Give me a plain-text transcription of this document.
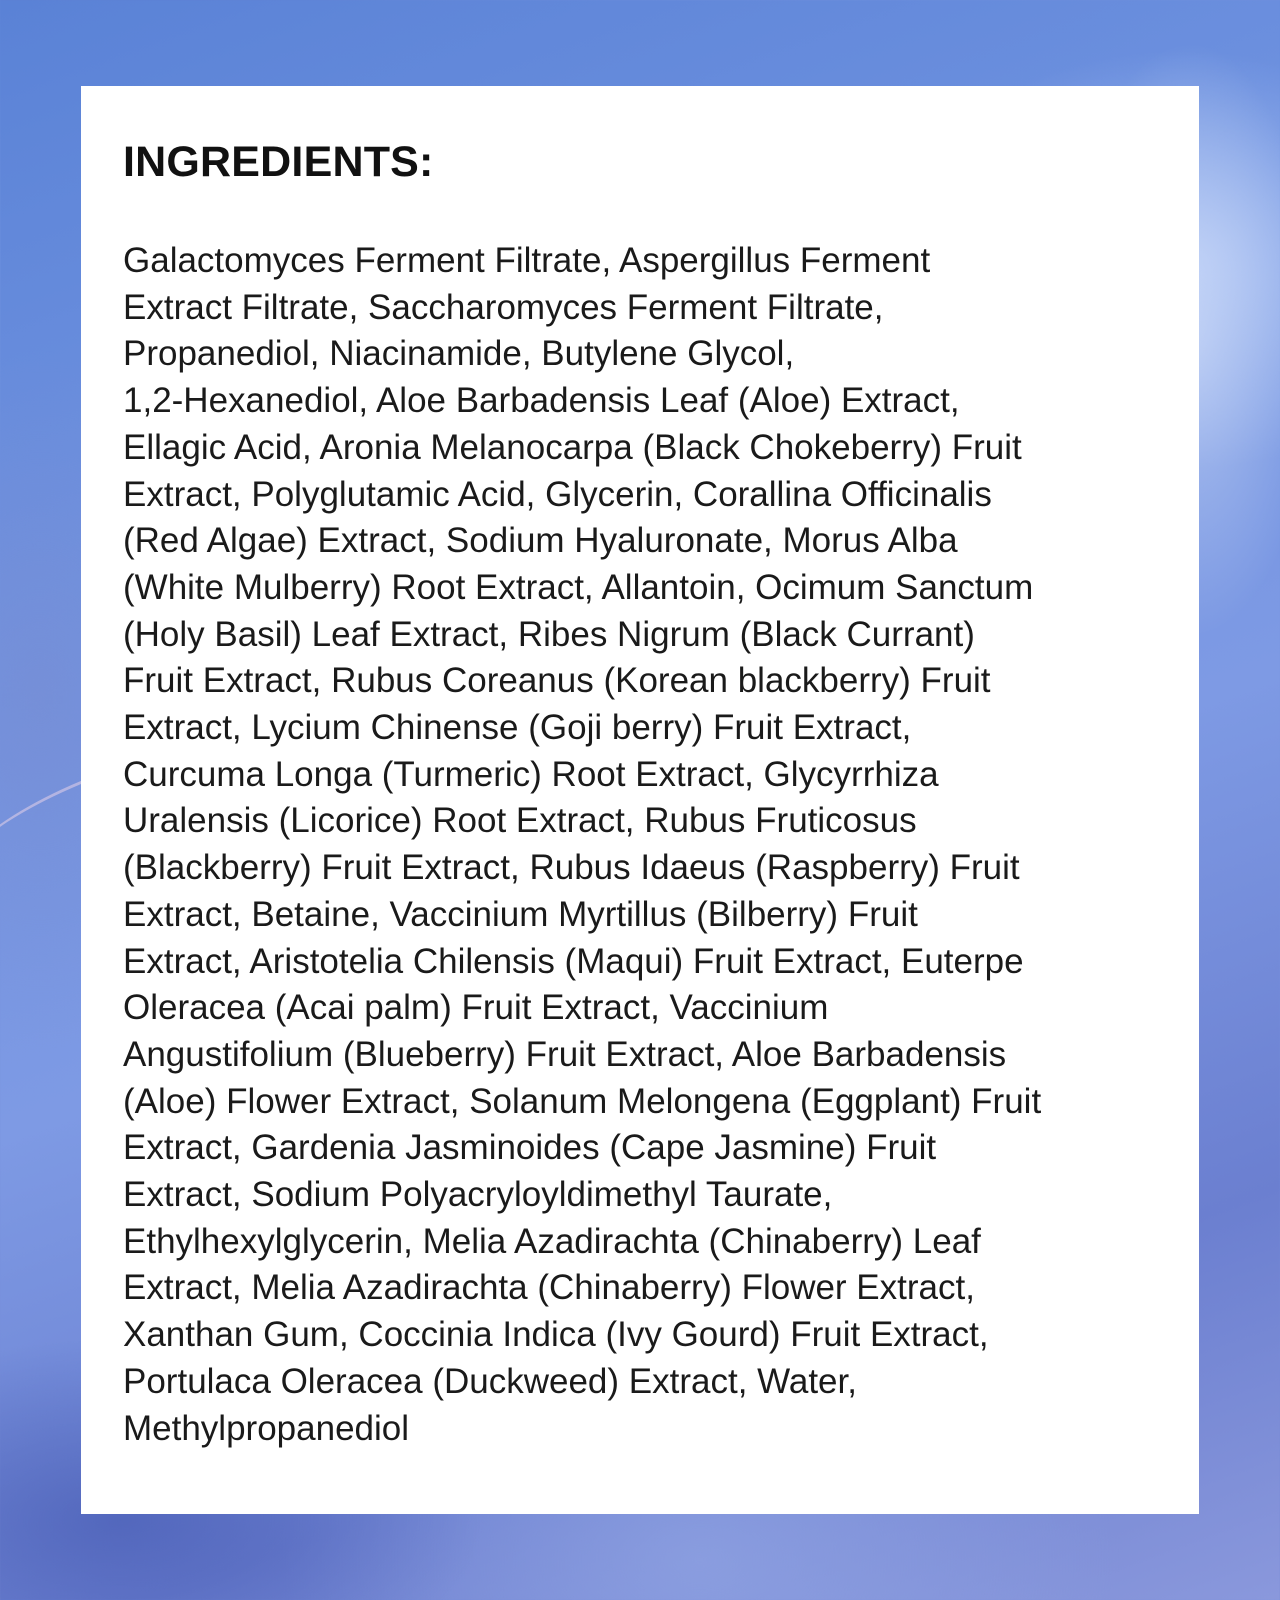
INGREDIENTS:
Galactomyces Ferment Filtrate, Aspergillus Ferment
Extract Filtrate, Saccharomyces Ferment Filtrate,
Propanediol, Niacinamide, Butylene Glycol,
1,2-Hexanediol, Aloe Barbadensis Leaf (Aloe) Extract,
Ellagic Acid, Aronia Melanocarpa (Black Chokeberry) Fruit
Extract, Polyglutamic Acid, Glycerin, Corallina Officinalis
(Red Algae) Extract, Sodium Hyaluronate, Morus Alba
(White Mulberry) Root Extract, Allantoin, Ocimum Sanctum
(Holy Basil) Leaf Extract, Ribes Nigrum (Black Currant)
Fruit Extract, Rubus Coreanus (Korean blackberry) Fruit
Extract, Lycium Chinense (Goji berry) Fruit Extract,
Curcuma Longa (Turmeric) Root Extract, Glycyrrhiza
Uralensis (Licorice) Root Extract, Rubus Fruticosus
(Blackberry) Fruit Extract, Rubus Idaeus (Raspberry) Fruit
Extract, Betaine, Vaccinium Myrtillus (Bilberry) Fruit
Extract, Aristotelia Chilensis (Maqui) Fruit Extract, Euterpe
Oleracea (Acai palm) Fruit Extract, Vaccinium
Angustifolium (Blueberry) Fruit Extract, Aloe Barbadensis
(Aloe) Flower Extract, Solanum Melongena (Eggplant) Fruit
Extract, Gardenia Jasminoides (Cape Jasmine) Fruit
Extract, Sodium Polyacryloyldimethyl Taurate,
Ethylhexylglycerin, Melia Azadirachta (Chinaberry) Leaf
Extract, Melia Azadirachta (Chinaberry) Flower Extract,
Xanthan Gum, Coccinia Indica (Ivy Gourd) Fruit Extract,
Portulaca Oleracea (Duckweed) Extract, Water,
Methylpropanediol
